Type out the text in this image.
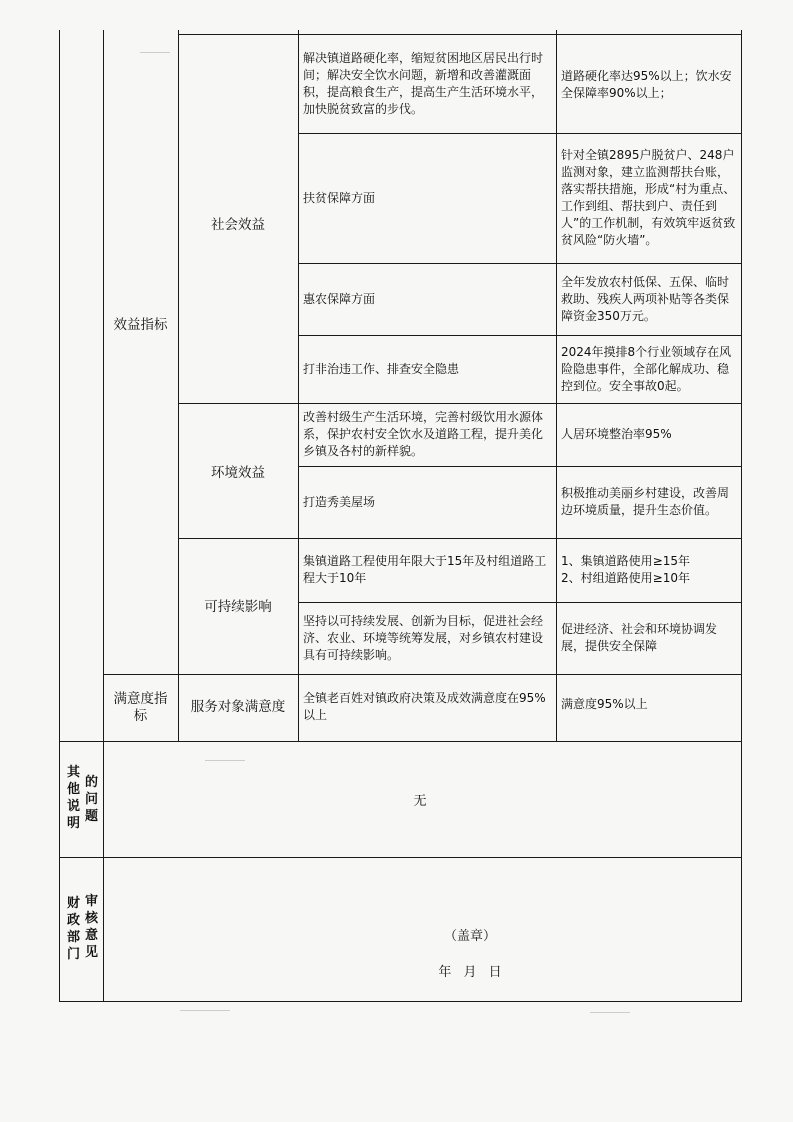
效益指标
社会效益
环境效益
可持续影响
满意度指标
服务对象满意度
解决镇道路硬化率，缩短贫困地区居民出行时间；解决安全饮水问题，新增和改善灌溉面积，提高粮食生产，提高生产生活环境水平，加快脱贫致富的步伐。
道路硬化率达95%以上；饮水安全保障率90%以上；
扶贫保障方面
针对全镇2895户脱贫户、248户监测对象，建立监测帮扶台账，落实帮扶措施，形成“村为重点、工作到组、帮扶到户、责任到人”的工作机制，有效筑牢返贫致贫风险“防火墙”。
惠农保障方面
全年发放农村低保、五保、临时救助、残疾人两项补贴等各类保障资金350万元。
打非治违工作、排查安全隐患
2024年摸排8个行业领域存在风险隐患事件，全部化解成功、稳控到位。安全事故0起。
改善村级生产生活环境，完善村级饮用水源体系，保护农村安全饮水及道路工程，提升美化乡镇及各村的新样貌。
人居环境整治率95%
打造秀美屋场
积极推动美丽乡村建设，改善周边环境质量，提升生态价值。
集镇道路工程使用年限大于15年及村组道路工程大于10年
1、集镇道路使用≥15年
2、村组道路使用≥10年
坚持以可持续发展、创新为目标，促进社会经济、农业、环境等统筹发展，对乡镇农村建设具有可持续影响。
促进经济、社会和环境协调发展，提供安全保障
全镇老百姓对镇政府决策及成效满意度在95%以上
满意度95%以上
其他说明
的问题
无
财政部门
审核意见
（盖章）
年 月 日
